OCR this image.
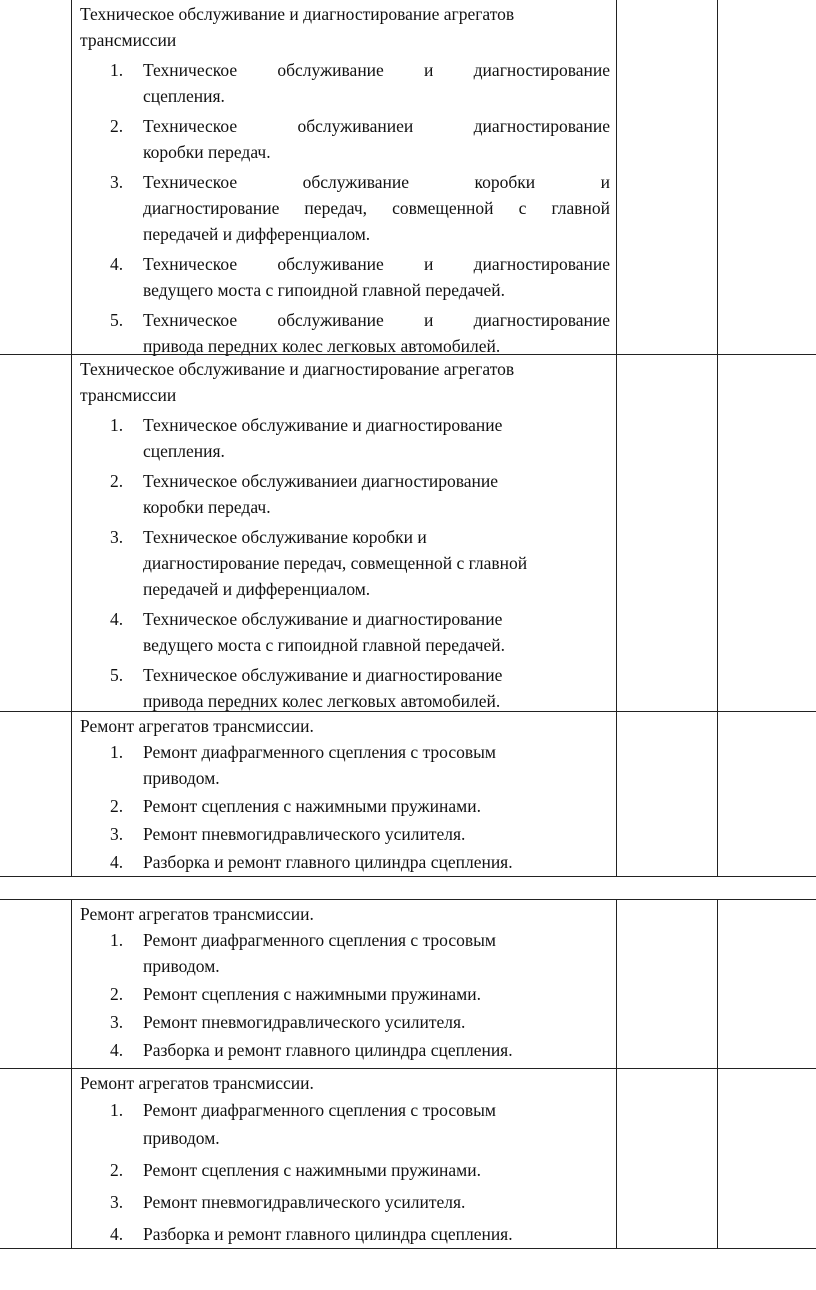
Техническое обслуживание и диагностирование агрегатов трансмиссии
1. Техническое обслуживание и диагностирование
сцепления.
2. Техническое обслуживаниеи диагностирование
коробки передач.
3. Техническое обслуживание коробки и
диагностирование передач, совмещенной с главной
передачей и дифференциалом.
4. Техническое обслуживание и диагностирование
ведущего моста с гипоидной главной передачей.
5. Техническое обслуживание и диагностирование
привода передних колес легковых автомобилей.
Техническое обслуживание и диагностирование агрегатов трансмиссии
1. Техническое обслуживание и диагностирование
сцепления.
2. Техническое обслуживаниеи диагностирование
коробки передач.
3. Техническое обслуживание коробки и
диагностирование передач, совмещенной с главной
передачей и дифференциалом.
4. Техническое обслуживание и диагностирование
ведущего моста с гипоидной главной передачей.
5. Техническое обслуживание и диагностирование
привода передних колес легковых автомобилей.
Ремонт агрегатов трансмиссии.
1. Ремонт диафрагменного сцепления с тросовым
приводом.
2. Ремонт сцепления с нажимными пружинами.
3. Ремонт пневмогидравлического усилителя.
4. Разборка и ремонт главного цилиндра сцепления.
Ремонт агрегатов трансмиссии.
1. Ремонт диафрагменного сцепления с тросовым
приводом.
2. Ремонт сцепления с нажимными пружинами.
3. Ремонт пневмогидравлического усилителя.
4. Разборка и ремонт главного цилиндра сцепления.
Ремонт агрегатов трансмиссии.
1. Ремонт диафрагменного сцепления с тросовым
приводом.
2. Ремонт сцепления с нажимными пружинами.
3. Ремонт пневмогидравлического усилителя.
4. Разборка и ремонт главного цилиндра сцепления.
